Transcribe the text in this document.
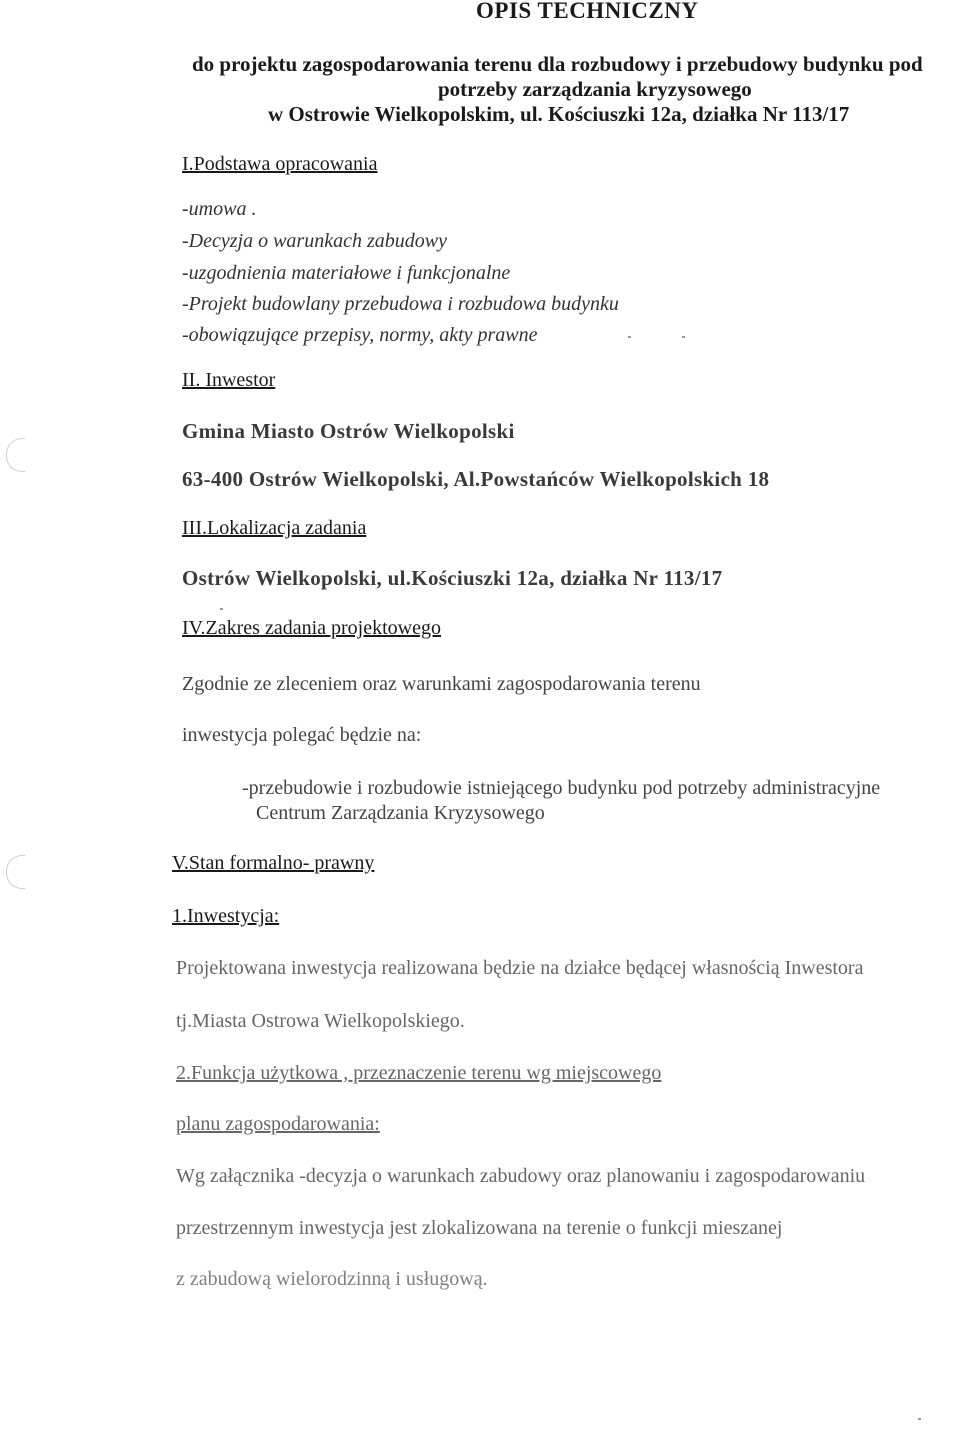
OPIS TECHNICZNY
do projektu zagospodarowania terenu dla rozbudowy i przebudowy budynku pod
potrzeby zarządzania kryzysowego
w Ostrowie Wielkopolskim, ul. Kościuszki 12a, działka Nr 113/17
I.Podstawa opracowania
-umowa .
-Decyzja o warunkach zabudowy
-uzgodnienia materiałowe i funkcjonalne
-Projekt budowlany przebudowa i rozbudowa budynku
-obowiązujące przepisy, normy, akty prawne
II. Inwestor
Gmina Miasto Ostrów Wielkopolski
63-400 Ostrów Wielkopolski, Al.Powstańców Wielkopolskich 18
III.Lokalizacja zadania
Ostrów Wielkopolski, ul.Kościuszki 12a, działka Nr 113/17
IV.Zakres zadania projektowego
Zgodnie ze zleceniem oraz warunkami zagospodarowania terenu
inwestycja polegać będzie na:
-przebudowie i rozbudowie istniejącego budynku pod potrzeby administracyjne
Centrum Zarządzania Kryzysowego
V.Stan formalno- prawny
1.Inwestycja:
Projektowana inwestycja realizowana będzie na działce będącej własnością Inwestora
tj.Miasta Ostrowa Wielkopolskiego.
2.Funkcja użytkowa , przeznaczenie terenu wg miejscowego
planu zagospodarowania:
Wg załącznika -decyzja o warunkach zabudowy oraz planowaniu i zagospodarowaniu
przestrzennym inwestycja jest zlokalizowana na terenie o funkcji mieszanej
z zabudową wielorodzinną i usługową.
